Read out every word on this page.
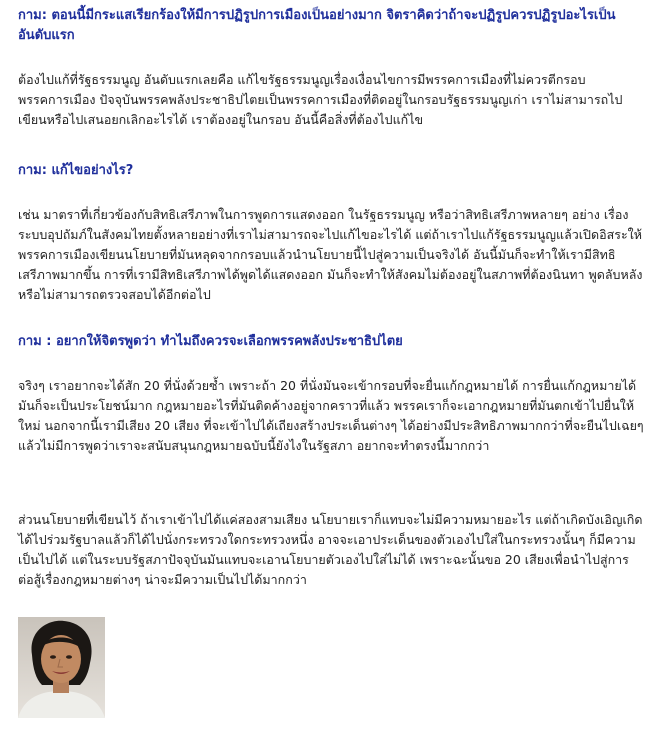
กาม: ตอนนี้มีกระแสเรียกร้องให้มีการปฏิรูปการเมืองเป็นอย่างมาก จิตราคิดว่าถ้าจะปฏิรูปควรปฏิรูปอะไรเป็นอันดับแรก

ต้องไปแก้ที่รัฐธรรมนูญ อันดับแรกเลยคือ แก้ไขรัฐธรรมนูญเรื่องเงื่อนไขการมีพรรคการเมืองที่ไม่ควรตีกรอบพรรคการเมือง ปัจจุบันพรรคพลังประชาธิปไตยเป็นพรรคการเมืองที่ติดอยู่ในกรอบรัฐธรรมนูญเก่า เราไม่สามารถไปเขียนหรือไปเสนอยกเลิกอะไรได้ เราต้องอยู่ในกรอบ อันนี้คือสิ่งที่ต้องไปแก้ไข

กาม: แก้ไขอย่างไร?

เช่น มาตราที่เกี่ยวข้องกับสิทธิเสรีภาพในการพูดการแสดงออก ในรัฐธรรมนูญ หรือว่าสิทธิเสรีภาพหลายๆ อย่าง เรื่องระบบอุปถัมภ์ในสังคมไทยตั้งหลายอย่างที่เราไม่สามารถจะไปแก้ไขอะไรได้ แต่ถ้าเราไปแก้รัฐธรรมนูญแล้วเปิดอิสระให้พรรคการเมืองเขียนนโยบายที่มันหลุดจากกรอบแล้วนำนโยบายนี้ไปสู่ความเป็นจริงได้ อันนี้มันก็จะทำให้เรามีสิทธิเสรีภาพมากขึ้น การที่เรามีสิทธิเสรีภาพได้พูดได้แสดงออก มันก็จะทำให้สังคมไม่ต้องอยู่ในสภาพที่ต้องนินทา พูดลับหลัง หรือไม่สามารถตรวจสอบได้อีกต่อไป

กาม : อยากให้จิตรพูดว่า ทำไมถึงควรจะเลือกพรรคพลังประชาธิปไตย

จริงๆ เราอยากจะได้สัก 20 ที่นั่งด้วยซ้ำ เพราะถ้า 20 ที่นั่งมันจะเข้ากรอบที่จะยื่นแก้กฎหมายได้ การยื่นแก้กฎหมายได้มันก็จะเป็นประโยชน์มาก กฎหมายอะไรที่มันติดค้างอยู่จากคราวที่แล้ว พรรคเราก็จะเอากฎหมายที่มันตกเข้าไปยื่นให้ใหม่ นอกจากนี้เรามีเสียง 20 เสียง ที่จะเข้าไปได้เถียงสร้างประเด็นต่างๆ ได้อย่างมีประสิทธิภาพมากกว่าที่จะยืนไปเฉยๆ แล้วไม่มีการพูดว่าเราจะสนับสนุนกฎหมายฉบับนี้ยังไงในรัฐสภา อยากจะทำตรงนี้มากกว่า

ส่วนนโยบายที่เขียนไว้ ถ้าเราเข้าไปได้แค่สองสามเสียง นโยบายเราก็แทบจะไม่มีความหมายอะไร แต่ถ้าเกิดบังเอิญเกิดได้ไปร่วมรัฐบาลแล้วก็ได้ไปนั่งกระทรวงใดกระทรวงหนึ่ง อาจจะเอาประเด็นของตัวเองไปใส่ในกระทรวงนั้นๆ ก็มีความเป็นไปได้ แต่ในระบบรัฐสภาปัจจุบันมันแทบจะเอานโยบายตัวเองไปใส่ไม่ได้ เพราะฉะนั้นขอ 20 เสียงเพื่อนำไปสู่การต่อสู้เรื่องกฎหมายต่างๆ น่าจะมีความเป็นไปได้มากกว่า
